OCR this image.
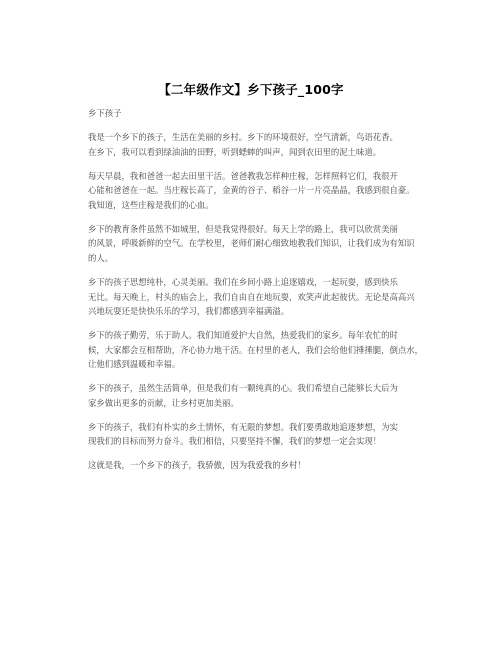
【二年级作文】乡下孩子_100字
乡下孩子
我是一个乡下的孩子，生活在美丽的乡村。乡下的环境很好，空气清新，鸟语花香。
在乡下，我可以看到绿油油的田野，听到蟋蟀的叫声，闻到农田里的泥土味道。
每天早晨，我和爸爸一起去田里干活。爸爸教我怎样种庄稼，怎样照料它们，我很开
心能和爸爸在一起。当庄稼长高了，金黄的谷子、稻谷一片一片亮晶晶，我感到很自豪。
我知道，这些庄稼是我们的心血。
乡下的教育条件虽然不如城里，但是我觉得很好。每天上学的路上，我可以欣赏美丽
的风景，呼吸新鲜的空气。在学校里，老师们耐心细致地教我们知识，让我们成为有知识
的人。
乡下的孩子思想纯朴，心灵美丽。我们在乡间小路上追逐嬉戏，一起玩耍，感到快乐
无比。每天晚上，村头的庙会上，我们自由自在地玩耍，欢笑声此起彼伏。无论是高高兴
兴地玩耍还是快快乐乐的学习，我们都感到幸福满溢。
乡下的孩子勤劳，乐于助人。我们知道爱护大自然，热爱我们的家乡。每年农忙的时
候，大家都会互相帮助，齐心协力地干活。在村里的老人，我们会给他们捶捶腿，倒点水，
让他们感到温暖和幸福。
乡下的孩子，虽然生活简单，但是我们有一颗纯真的心。我们希望自己能够长大后为
家乡做出更多的贡献，让乡村更加美丽。
乡下的孩子，我们有朴实的乡土情怀，有无限的梦想。我们要勇敢地追逐梦想，为实
现我们的目标而努力奋斗。我们相信，只要坚持不懈，我们的梦想一定会实现！
这就是我，一个乡下的孩子，我骄傲，因为我爱我的乡村！
